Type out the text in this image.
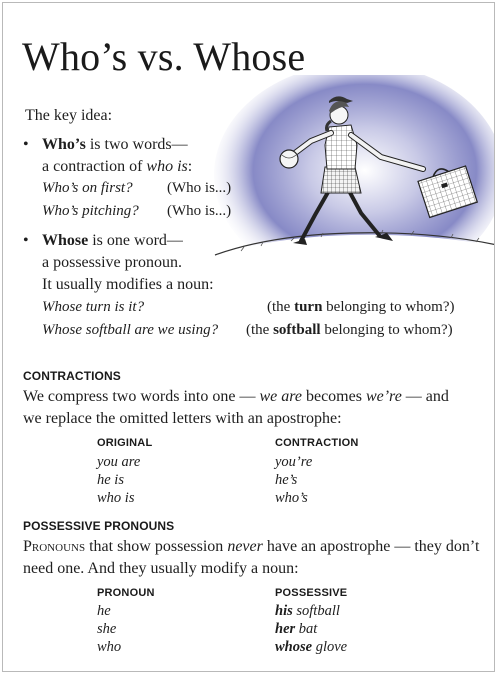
Who’s vs. Whose
The key idea:
• Who’s is two words—
a contraction of who is:
Who’s on first? (Who is...)
Who’s pitching? (Who is...)
• Whose is one word—
a possessive pronoun.
It usually modifies a noun:
Whose turn is it?	(the turn belonging to whom?)
Whose softball are we using? (the softball belonging to whom?)
CONTRACTIONS
We compress two words into one — we are becomes we’re — and
we replace the omitted letters with an apostrophe:
ORIGINAL	CONTRACTION
you are	you’re
he is	he’s
who is	who’s
POSSESSIVE PRONOUNS
Pronouns that show possession never have an apostrophe — they don’t
need one. And they usually modify a noun:
PRONOUN	POSSESSIVE
he	his softball
she	her bat
who	whose glove
